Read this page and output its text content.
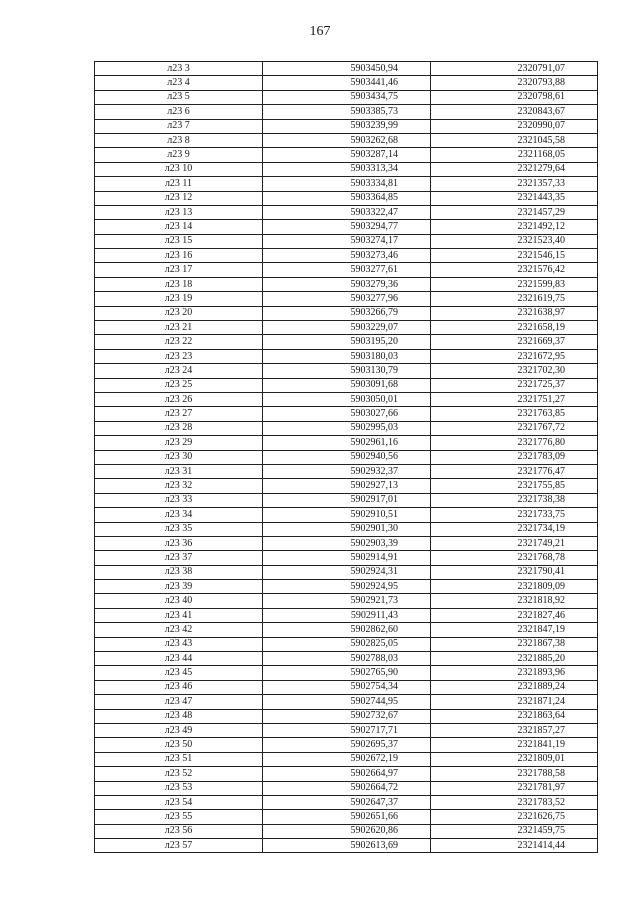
167
л23 3	5903450,94	2320791,07
л23 4	5903441,46	2320793,88
л23 5	5903434,75	2320798,61
л23 6	5903385,73	2320843,67
л23 7	5903239,99	2320990,07
л23 8	5903262,68	2321045,58
л23 9	5903287,14	2321168,05
л23 10	5903313,34	2321279,64
л23 11	5903334,81	2321357,33
л23 12	5903364,85	2321443,35
л23 13	5903322,47	2321457,29
л23 14	5903294,77	2321492,12
л23 15	5903274,17	2321523,40
л23 16	5903273,46	2321546,15
л23 17	5903277,61	2321576,42
л23 18	5903279,36	2321599,83
л23 19	5903277,96	2321619,75
л23 20	5903266,79	2321638,97
л23 21	5903229,07	2321658,19
л23 22	5903195,20	2321669,37
л23 23	5903180,03	2321672,95
л23 24	5903130,79	2321702,30
л23 25	5903091,68	2321725,37
л23 26	5903050,01	2321751,27
л23 27	5903027,66	2321763,85
л23 28	5902995,03	2321767,72
л23 29	5902961,16	2321776,80
л23 30	5902940,56	2321783,09
л23 31	5902932,37	2321776,47
л23 32	5902927,13	2321755,85
л23 33	5902917,01	2321738,38
л23 34	5902910,51	2321733,75
л23 35	5902901,30	2321734,19
л23 36	5902903,39	2321749,21
л23 37	5902914,91	2321768,78
л23 38	5902924,31	2321790,41
л23 39	5902924,95	2321809,09
л23 40	5902921,73	2321818,92
л23 41	5902911,43	2321827,46
л23 42	5902862,60	2321847,19
л23 43	5902825,05	2321867,38
л23 44	5902788,03	2321885,20
л23 45	5902765,90	2321893,96
л23 46	5902754,34	2321889,24
л23 47	5902744,95	2321871,24
л23 48	5902732,67	2321863,64
л23 49	5902717,71	2321857,27
л23 50	5902695,37	2321841,19
л23 51	5902672,19	2321809,01
л23 52	5902664,97	2321788,58
л23 53	5902664,72	2321781,97
л23 54	5902647,37	2321783,52
л23 55	5902651,66	2321626,75
л23 56	5902620,86	2321459,75
л23 57	5902613,69	2321414,44
